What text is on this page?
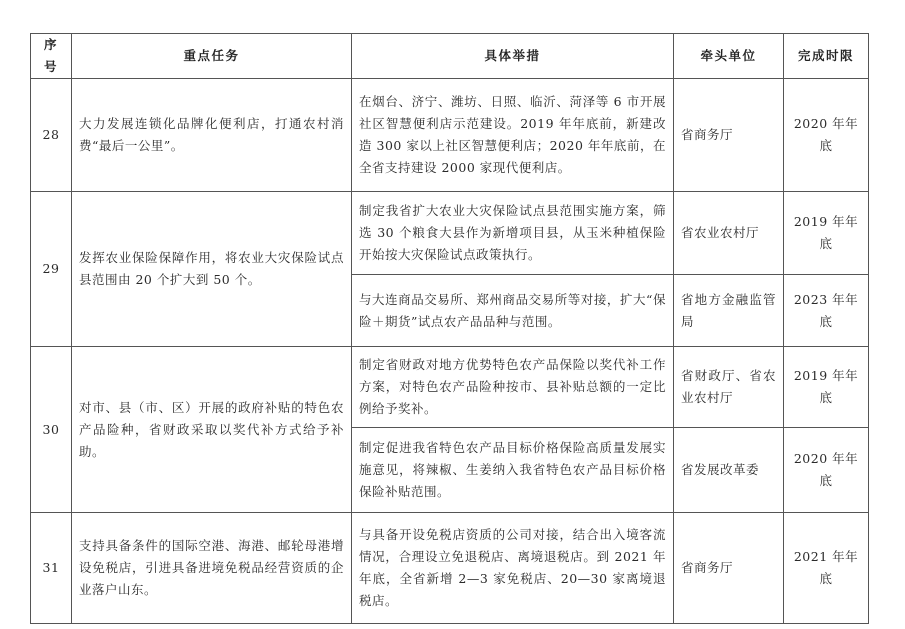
序号	重点任务	具体举措	牵头单位	完成时限
28	大力发展连锁化品牌化便利店，打通农村消费“最后一公里”。	在烟台、济宁、潍坊、日照、临沂、菏泽等 6 市开展社区智慧便利店示范建设。2019 年年底前，新建改造 300 家以上社区智慧便利店；2020 年年底前，在全省支持建设 2000 家现代便利店。	省商务厅	2020 年年底
29	发挥农业保险保障作用，将农业大灾保险试点县范围由 20 个扩大到 50 个。	制定我省扩大农业大灾保险试点县范围实施方案，筛选 30 个粮食大县作为新增项目县，从玉米种植保险开始按大灾保险试点政策执行。	省农业农村厅	2019 年年底
		与大连商品交易所、郑州商品交易所等对接，扩大“保险＋期货”试点农产品品种与范围。	省地方金融监管局	2023 年年底
30	对市、县（市、区）开展的政府补贴的特色农产品险种，省财政采取以奖代补方式给予补助。	制定省财政对地方优势特色农产品保险以奖代补工作方案，对特色农产品险种按市、县补贴总额的一定比例给予奖补。	省财政厅、省农业农村厅	2019 年年底
		制定促进我省特色农产品目标价格保险高质量发展实施意见，将辣椒、生姜纳入我省特色农产品目标价格保险补贴范围。	省发展改革委	2020 年年底
31	支持具备条件的国际空港、海港、邮轮母港增设免税店，引进具备进境免税品经营资质的企业落户山东。	与具备开设免税店资质的公司对接，结合出入境客流情况，合理设立免退税店、离境退税店。到 2021 年年底，全省新增 2—3 家免税店、20—30 家离境退税店。	省商务厅	2021 年年底
